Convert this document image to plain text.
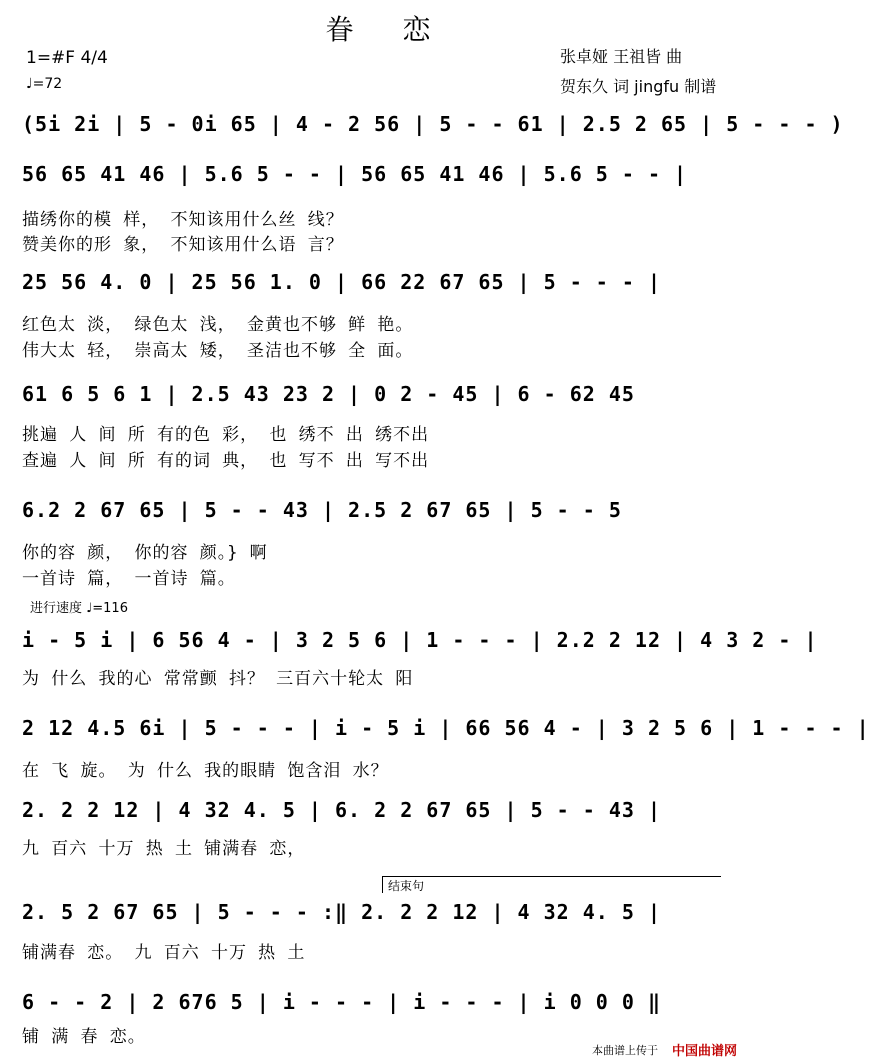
眷 恋
1=#F 4/4
♩=72
张卓娅 王祖皆 曲
贺东久 词 jingfu 制谱
(5i 2i | 5 - 0i 65 | 4 - 2 56 | 5 - - 61 | 2.5 2 65 | 5 - - - )
56 65 41 46 | 5.6 5 - - | 56 65 41 46 | 5.6 5 - - |
描绣你的模 样， 不知该用什么丝 线？
赞美你的形 象， 不知该用什么语 言？
25 56 4. 0 | 25 56 1. 0 | 66 22 67 65 | 5 - - - |
红色太 淡， 绿色太 浅， 金黄也不够 鲜 艳。
伟大太 轻， 崇高太 矮， 圣洁也不够 全 面。
61 6 5 6 1 | 2.5 43 23 2 | 0 2 - 45 | 6 - 62 45
挑遍 人 间 所 有的色 彩， 也 绣不 出 绣不出
查遍 人 间 所 有的词 典， 也 写不 出 写不出
6.2 2 67 65 | 5 - - 43 | 2.5 2 67 65 | 5 - - 5
你的容 颜， 你的容 颜。} 啊
一首诗 篇， 一首诗 篇。
进行速度 ♩=116
i - 5 i | 6 56 4 - | 3 2 5 6 | 1 - - - | 2.2 2 12 | 4 3 2 - |
为 什么 我的心 常常颤 抖？ 三百六十轮太 阳
2 12 4.5 6i | 5 - - - | i - 5 i | 66 56 4 - | 3 2 5 6 | 1 - - - |
在 飞 旋。 为 什么 我的眼睛 饱含泪 水？
2. 2 2 12 | 4 32 4. 5 | 6. 2 2 67 65 | 5 - - 43 |
九 百六 十万 热 土 铺满春 恋，
结束句
2. 5 2 67 65 | 5 - - - :‖ 2. 2 2 12 | 4 32 4. 5 |
铺满春 恋。 九 百六 十万 热 土
6 - - 2 | 2 676 5 | i - - - | i - - - | i 0 0 0 ‖
铺 满 春 恋。
本曲谱上传于 中国曲谱网
